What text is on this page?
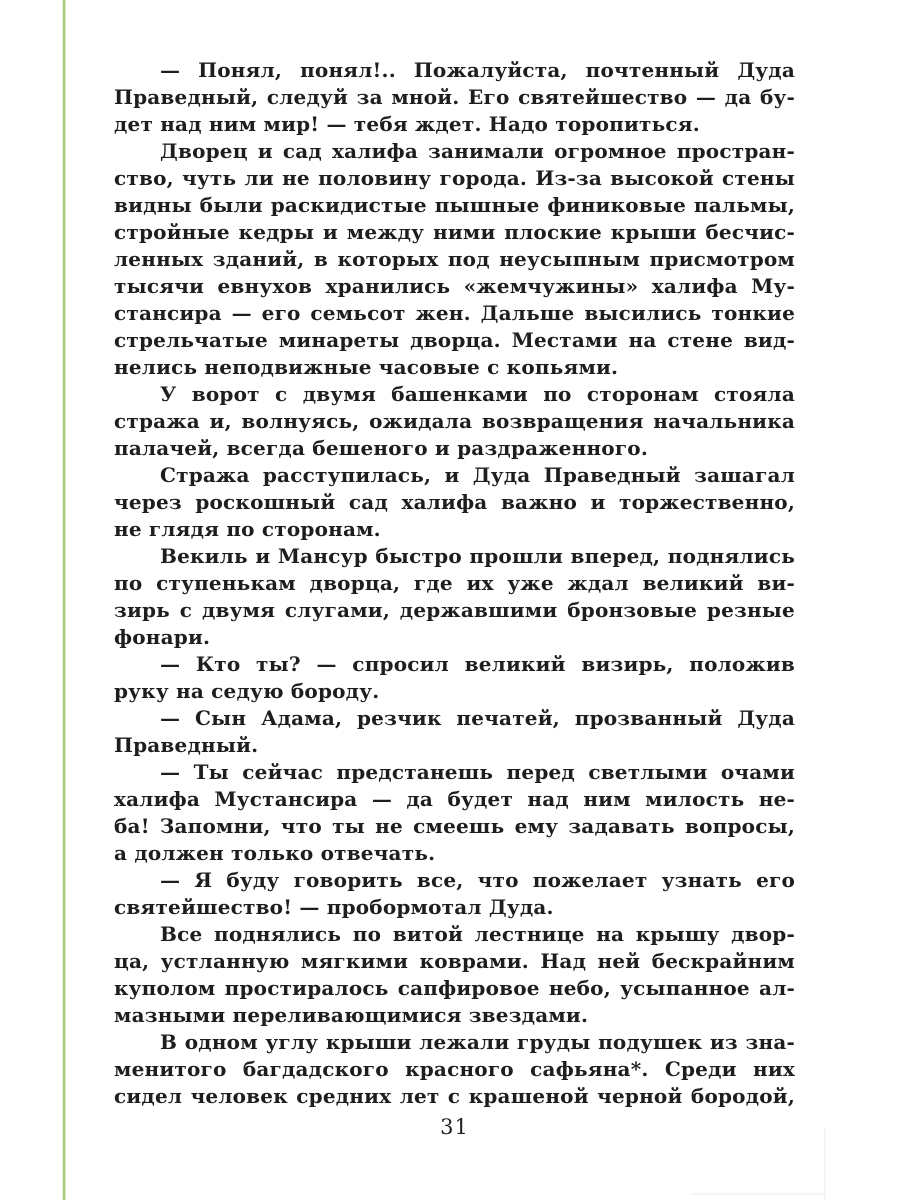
— Понял, понял!.. Пожалуйста, почтенный Дуда
Праведный, следуй за мной. Его святейшество — да бу-
дет над ним мир! — тебя ждет. Надо торопиться.
Дворец и сад халифа занимали огромное простран-
ство, чуть ли не половину города. Из-за высокой стены
видны были раскидистые пышные финиковые пальмы,
стройные кедры и между ними плоские крыши бесчис-
ленных зданий, в которых под неусыпным присмотром
тысячи евнухов хранились «жемчужины» халифа Му-
стансира — его семьсот жен. Дальше высились тонкие
стрельчатые минареты дворца. Местами на стене вид-
нелись неподвижные часовые с копьями.
У ворот с двумя башенками по сторонам стояла
стража и, волнуясь, ожидала возвращения начальника
палачей, всегда бешеного и раздраженного.
Стража расступилась, и Дуда Праведный зашагал
через роскошный сад халифа важно и торжественно,
не глядя по сторонам.
Векиль и Мансур быстро прошли вперед, поднялись
по ступенькам дворца, где их уже ждал великий ви-
зирь с двумя слугами, державшими бронзовые резные
фонари.
— Кто ты? — спросил великий визирь, положив
руку на седую бороду.
— Сын Адама, резчик печатей, прозванный Дуда
Праведный.
— Ты сейчас предстанешь перед светлыми очами
халифа Мустансира — да будет над ним милость не-
ба! Запомни, что ты не смеешь ему задавать вопросы,
а должен только отвечать.
— Я буду говорить все, что пожелает узнать его
святейшество! — пробормотал Дуда.
Все поднялись по витой лестнице на крышу двор-
ца, устланную мягкими коврами. Над ней бескрайним
куполом простиралось сапфировое небо, усыпанное ал-
мазными переливающимися звездами.
В одном углу крыши лежали груды подушек из зна-
менитого багдадского красного сафьяна*. Среди них
сидел человек средних лет с крашеной черной бородой,
31
